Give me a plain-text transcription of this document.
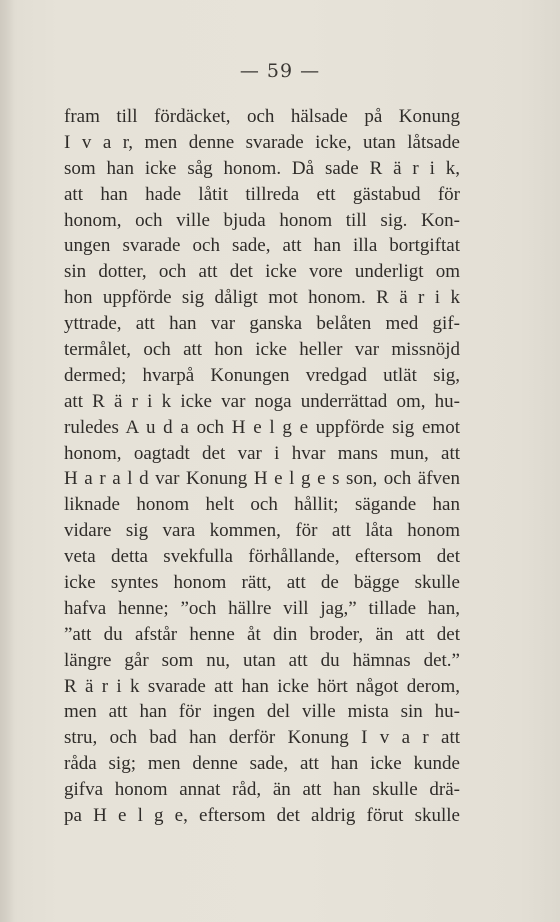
— 59 —
fram till fördäcket, och hälsade på Konung
I v a r, men denne svarade icke, utan låtsade
som han icke såg honom. Då sade R ä r i k,
att han hade låtit tillreda ett gästabud för
honom, och ville bjuda honom till sig. Kon-
ungen svarade och sade, att han illa bortgiftat
sin dotter, och att det icke vore underligt om
hon uppförde sig dåligt mot honom. R ä r i k
yttrade, att han var ganska belåten med gif-
termålet, och att hon icke heller var missnöjd
dermed; hvarpå Konungen vredgad utlät sig,
att R ä r i k icke var noga underrättad om, hu-
ruledes A u d a och H e l g e uppförde sig emot
honom, oagtadt det var i hvar mans mun, att
H a r a l d var Konung H e l g e s son, och äfven
liknade honom helt och hållit; sägande han
vidare sig vara kommen, för att låta honom
veta detta svekfulla förhållande, eftersom det
icke syntes honom rätt, att de bägge skulle
hafva henne; ”och hällre vill jag,” tillade han,
”att du afstår henne åt din broder, än att det
längre går som nu, utan att du hämnas det.”
R ä r i k svarade att han icke hört något derom,
men att han för ingen del ville mista sin hu-
stru, och bad han derför Konung I v a r att
råda sig; men denne sade, att han icke kunde
gifva honom annat råd, än att han skulle drä-
pa H e l g e, eftersom det aldrig förut skulle
